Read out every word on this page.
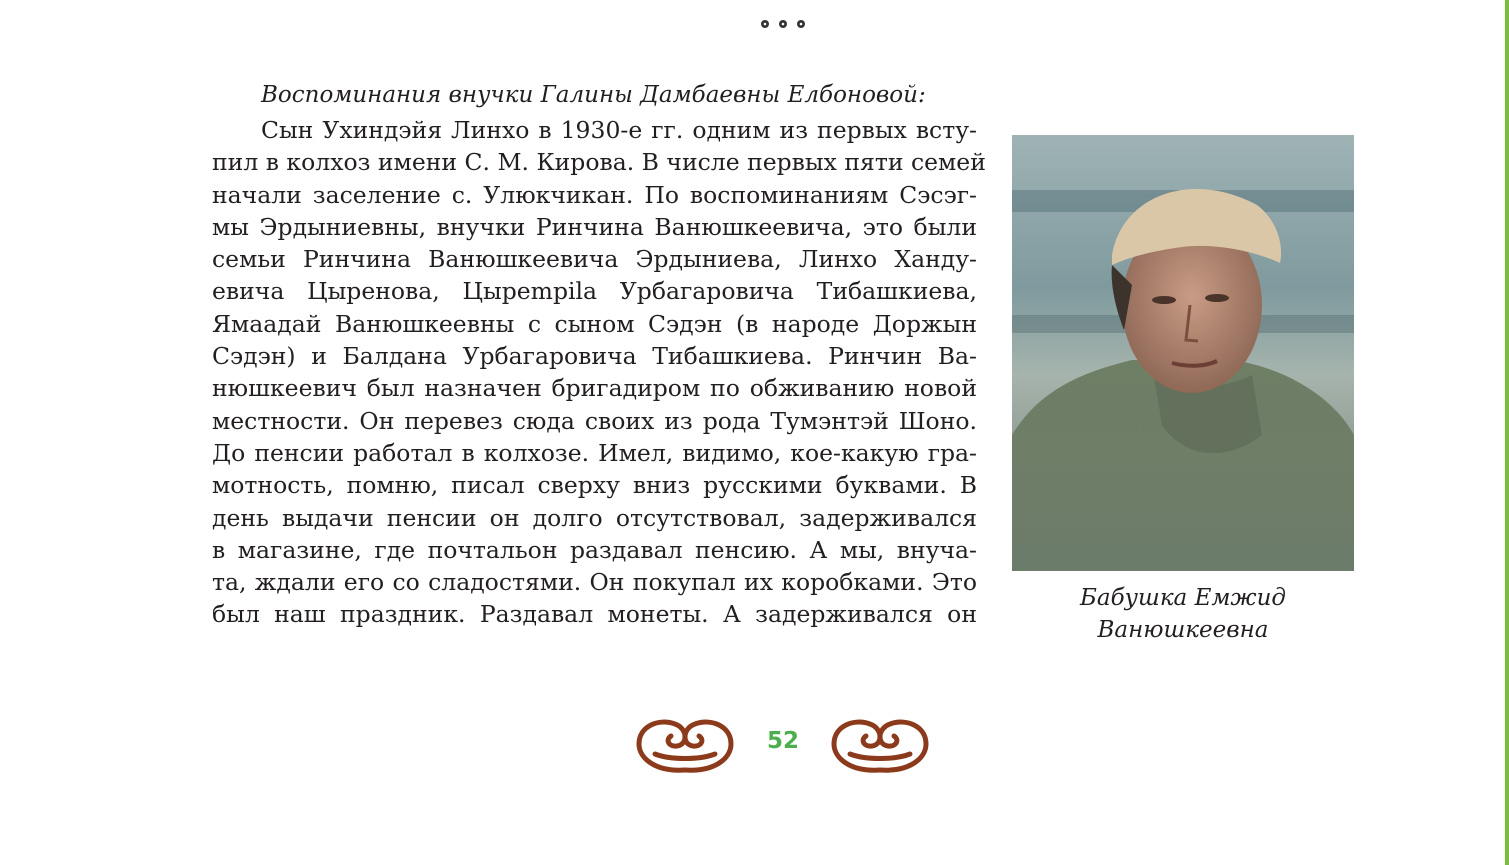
Воспоминания внучки Галины Дамбаевны Елбоновой:
Сын Ухиндэйя Линхо в 1930-е гг. одним из первых всту-
пил в колхоз имени С. М. Кирова. В числе первых пяти семей
начали заселение с. Улюкчикан. По воспоминаниям Сэсэг-
мы Эрдыниевны, внучки Ринчина Ванюшкеевича, это были
семьи Ринчина Ванюшкеевича Эрдыниева, Линхо Ханду-
евича Цыренова, Цырempila Урбагаровича Тибашкиева,
Ямаадай Ванюшкеевны с сыном Сэдэн (в народе Доржын
Сэдэн) и Балдана Урбагаровича Тибашкиева. Ринчин Ва-
нюшкеевич был назначен бригадиром по обживанию новой
местности. Он перевез сюда своих из рода Тумэнтэй Шоно.
До пенсии работал в колхозе. Имел, видимо, кое-какую гра-
мотность, помню, писал сверху вниз русскими буквами. В
день выдачи пенсии он долго отсутствовал, задерживался
в магазине, где почтальон раздавал пенсию. А мы, внуча-
та, ждали его со сладостями. Он покупал их коробками. Это
был наш праздник. Раздавал монеты. А задерживался он
Бабушка Емжид
Ванюшкеевна
52
